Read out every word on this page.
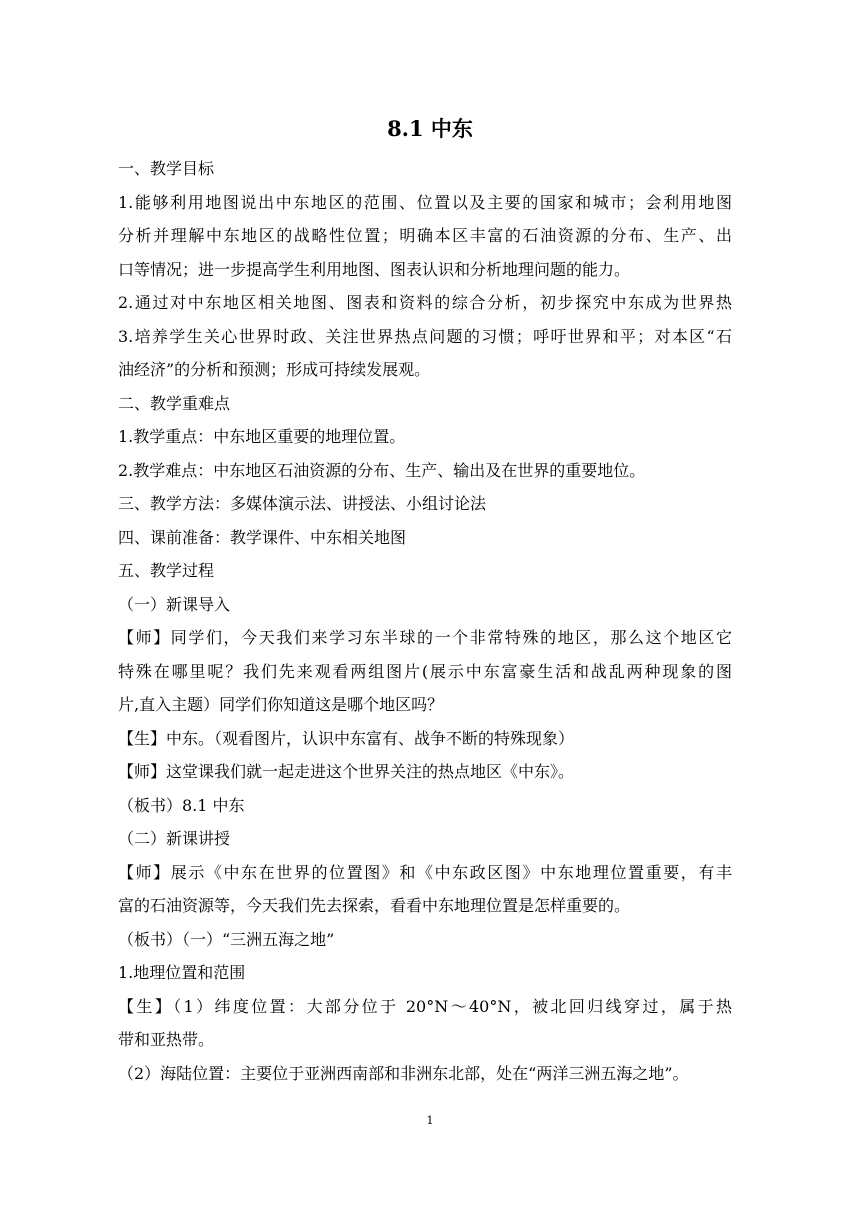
8.1 中东
一、教学目标
1.能够利用地图说出中东地区的范围、位置以及主要的国家和城市；会利用地图
分析并理解中东地区的战略性位置；明确本区丰富的石油资源的分布、生产、出
口等情况；进一步提高学生利用地图、图表认识和分析地理问题的能力。
2.通过对中东地区相关地图、图表和资料的综合分析，初步探究中东成为世界热
3.培养学生关心世界时政、关注世界热点问题的习惯；呼吁世界和平；对本区“石
油经济”的分析和预测；形成可持续发展观。
二、教学重难点
1.教学重点：中东地区重要的地理位置。
2.教学难点：中东地区石油资源的分布、生产、输出及在世界的重要地位。
三、教学方法：多媒体演示法、讲授法、小组讨论法
四、课前准备：教学课件、中东相关地图
五、教学过程
（一）新课导入
【师】同学们，今天我们来学习东半球的一个非常特殊的地区，那么这个地区它
特殊在哪里呢？我们先来观看两组图片(展示中东富豪生活和战乱两种现象的图
片,直入主题）同学们你知道这是哪个地区吗？
【生】中东。（观看图片，认识中东富有、战争不断的特殊现象）
【师】这堂课我们就一起走进这个世界关注的热点地区《中东》。
（板书）8.1 中东
（二）新课讲授
【师】展示《中东在世界的位置图》和《中东政区图》中东地理位置重要，有丰
富的石油资源等，今天我们先去探索，看看中东地理位置是怎样重要的。
（板书）（一）“三洲五海之地”
1.地理位置和范围
【生】（1）纬度位置：大部分位于 20°N～40°N，被北回归线穿过，属于热
带和亚热带。
（2）海陆位置：主要位于亚洲西南部和非洲东北部，处在“两洋三洲五海之地”。
1
